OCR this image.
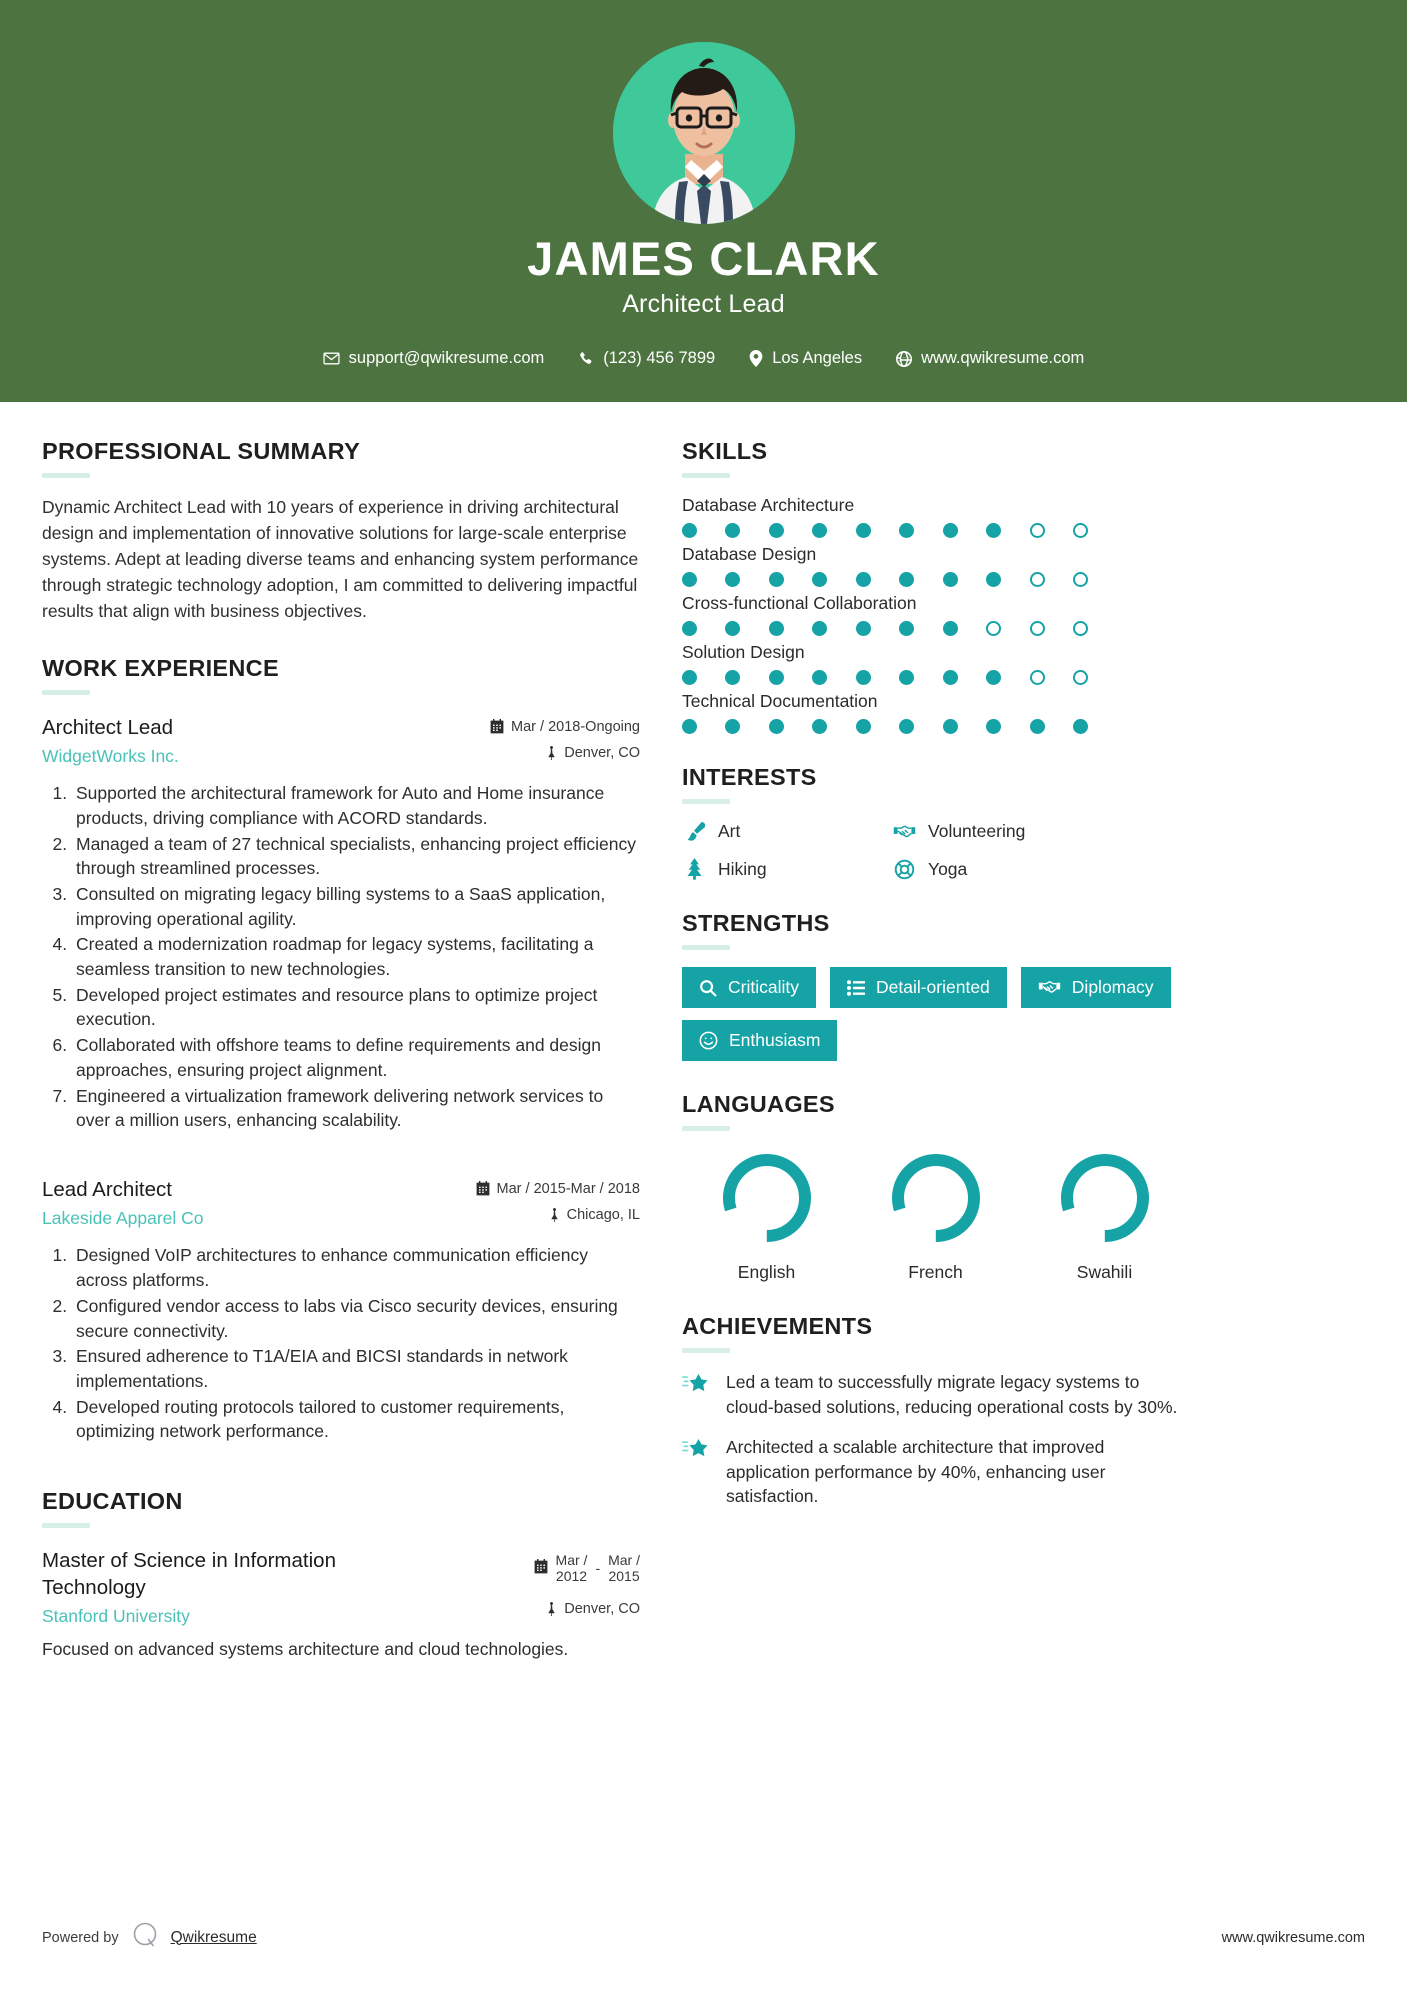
JAMES CLARK
Architect Lead
support@qwikresume.com	(123) 456 7899	Los Angeles	www.qwikresume.com
PROFESSIONAL SUMMARY
Dynamic Architect Lead with 10 years of experience in driving architectural design and implementation of innovative solutions for large-scale enterprise systems. Adept at leading diverse teams and enhancing system performance through strategic technology adoption, I am committed to delivering impactful results that align with business objectives.
WORK EXPERIENCE
Architect Lead
WidgetWorks Inc.
Mar / 2018-Ongoing
Denver, CO
1. Supported the architectural framework for Auto and Home insurance products, driving compliance with ACORD standards.
2. Managed a team of 27 technical specialists, enhancing project efficiency through streamlined processes.
3. Consulted on migrating legacy billing systems to a SaaS application, improving operational agility.
4. Created a modernization roadmap for legacy systems, facilitating a seamless transition to new technologies.
5. Developed project estimates and resource plans to optimize project execution.
6. Collaborated with offshore teams to define requirements and design approaches, ensuring project alignment.
7. Engineered a virtualization framework delivering network services to over a million users, enhancing scalability.
Lead Architect
Lakeside Apparel Co
Mar / 2015-Mar / 2018
Chicago, IL
1. Designed VoIP architectures to enhance communication efficiency across platforms.
2. Configured vendor access to labs via Cisco security devices, ensuring secure connectivity.
3. Ensured adherence to T1A/EIA and BICSI standards in network implementations.
4. Developed routing protocols tailored to customer requirements, optimizing network performance.
EDUCATION
Master of Science in Information Technology
Stanford University
Mar /
2012
-
Mar /
2015
Denver, CO
Focused on advanced systems architecture and cloud technologies.
SKILLS
Database Architecture
Database Design
Cross-functional Collaboration
Solution Design
Technical Documentation
INTERESTS
Art	Volunteering
Hiking	Yoga
STRENGTHS
Criticality	Detail-oriented	Diplomacy
Enthusiasm
LANGUAGES
English	French	Swahili
ACHIEVEMENTS
Led a team to successfully migrate legacy systems to cloud-based solutions, reducing operational costs by 30%.
Architected a scalable architecture that improved application performance by 40%, enhancing user satisfaction.
Powered by	Qwikresume	www.qwikresume.com
